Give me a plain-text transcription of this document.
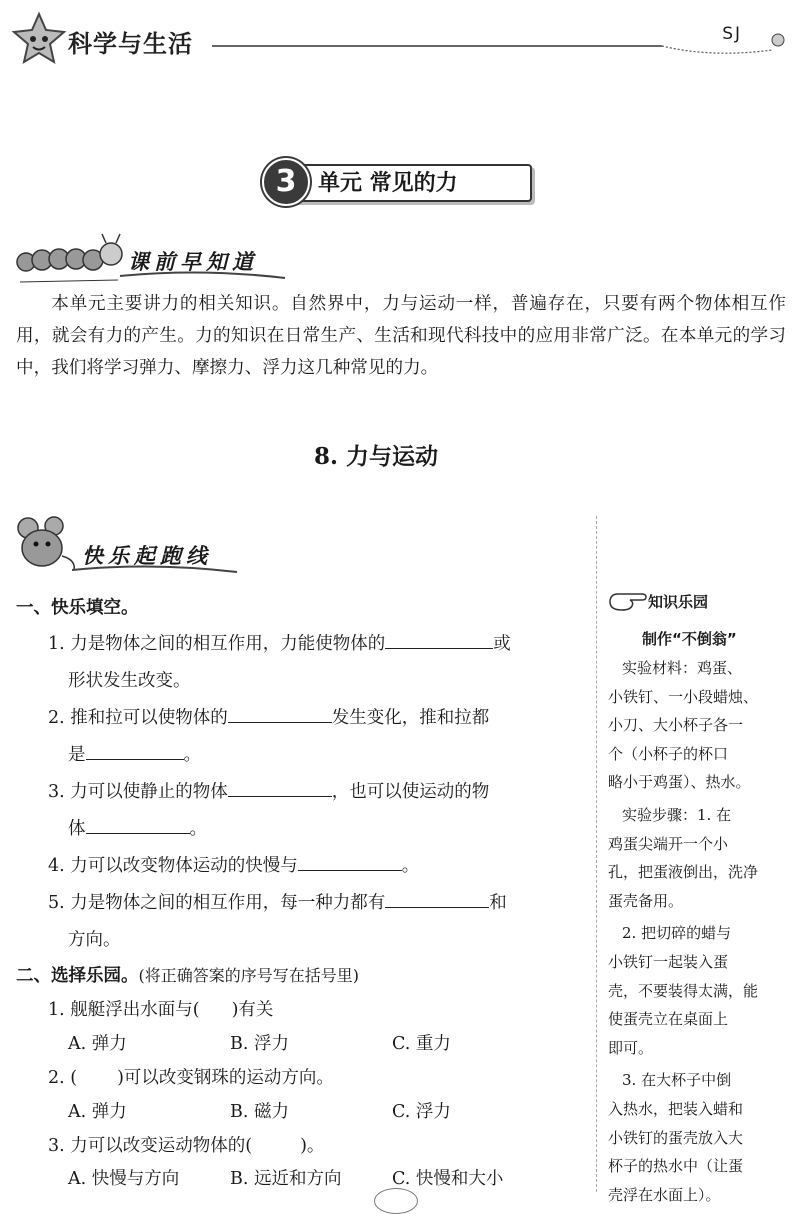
科学与生活	SJ
3 单元 常见的力
课前早知道
本单元主要讲力的相关知识。自然界中，力与运动一样，普遍存在，只要有两个物体相互作用，就会有力的产生。力的知识在日常生产、生活和现代科技中的应用非常广泛。在本单元的学习中，我们将学习弹力、摩擦力、浮力这几种常见的力。
8. 力与运动
快乐起跑线
一、快乐填空。
1. 力是物体之间的相互作用，力能使物体的	或
形状发生改变。
2. 推和拉可以使物体的	发生变化，推和拉都
是	。
3. 力可以使静止的物体	，也可以使运动的物
体	。
4. 力可以改变物体运动的快慢与	。
5. 力是物体之间的相互作用，每一种力都有	和
方向。
二、选择乐园。(将正确答案的序号写在括号里)
1. 舰艇浮出水面与( )有关
A. 弹力	B. 浮力	C. 重力
2. ( )可以改变钢珠的运动方向。
A. 弹力	B. 磁力	C. 浮力
3. 力可以改变运动物体的(	)。
A. 快慢与方向	B. 远近和方向	C. 快慢和大小
知识乐园
制作“不倒翁”
实验材料：鸡蛋、
小铁钉、一小段蜡烛、
小刀、大小杯子各一
个（小杯子的杯口
略小于鸡蛋）、热水。
实验步骤：1. 在
鸡蛋尖端开一个小
孔，把蛋液倒出，洗净
蛋壳备用。
2. 把切碎的蜡与
小铁钉一起装入蛋
壳，不要装得太满，能
使蛋壳立在桌面上
即可。
3. 在大杯子中倒
入热水，把装入蜡和
小铁钉的蛋壳放入大
杯子的热水中（让蛋
壳浮在水面上）。
